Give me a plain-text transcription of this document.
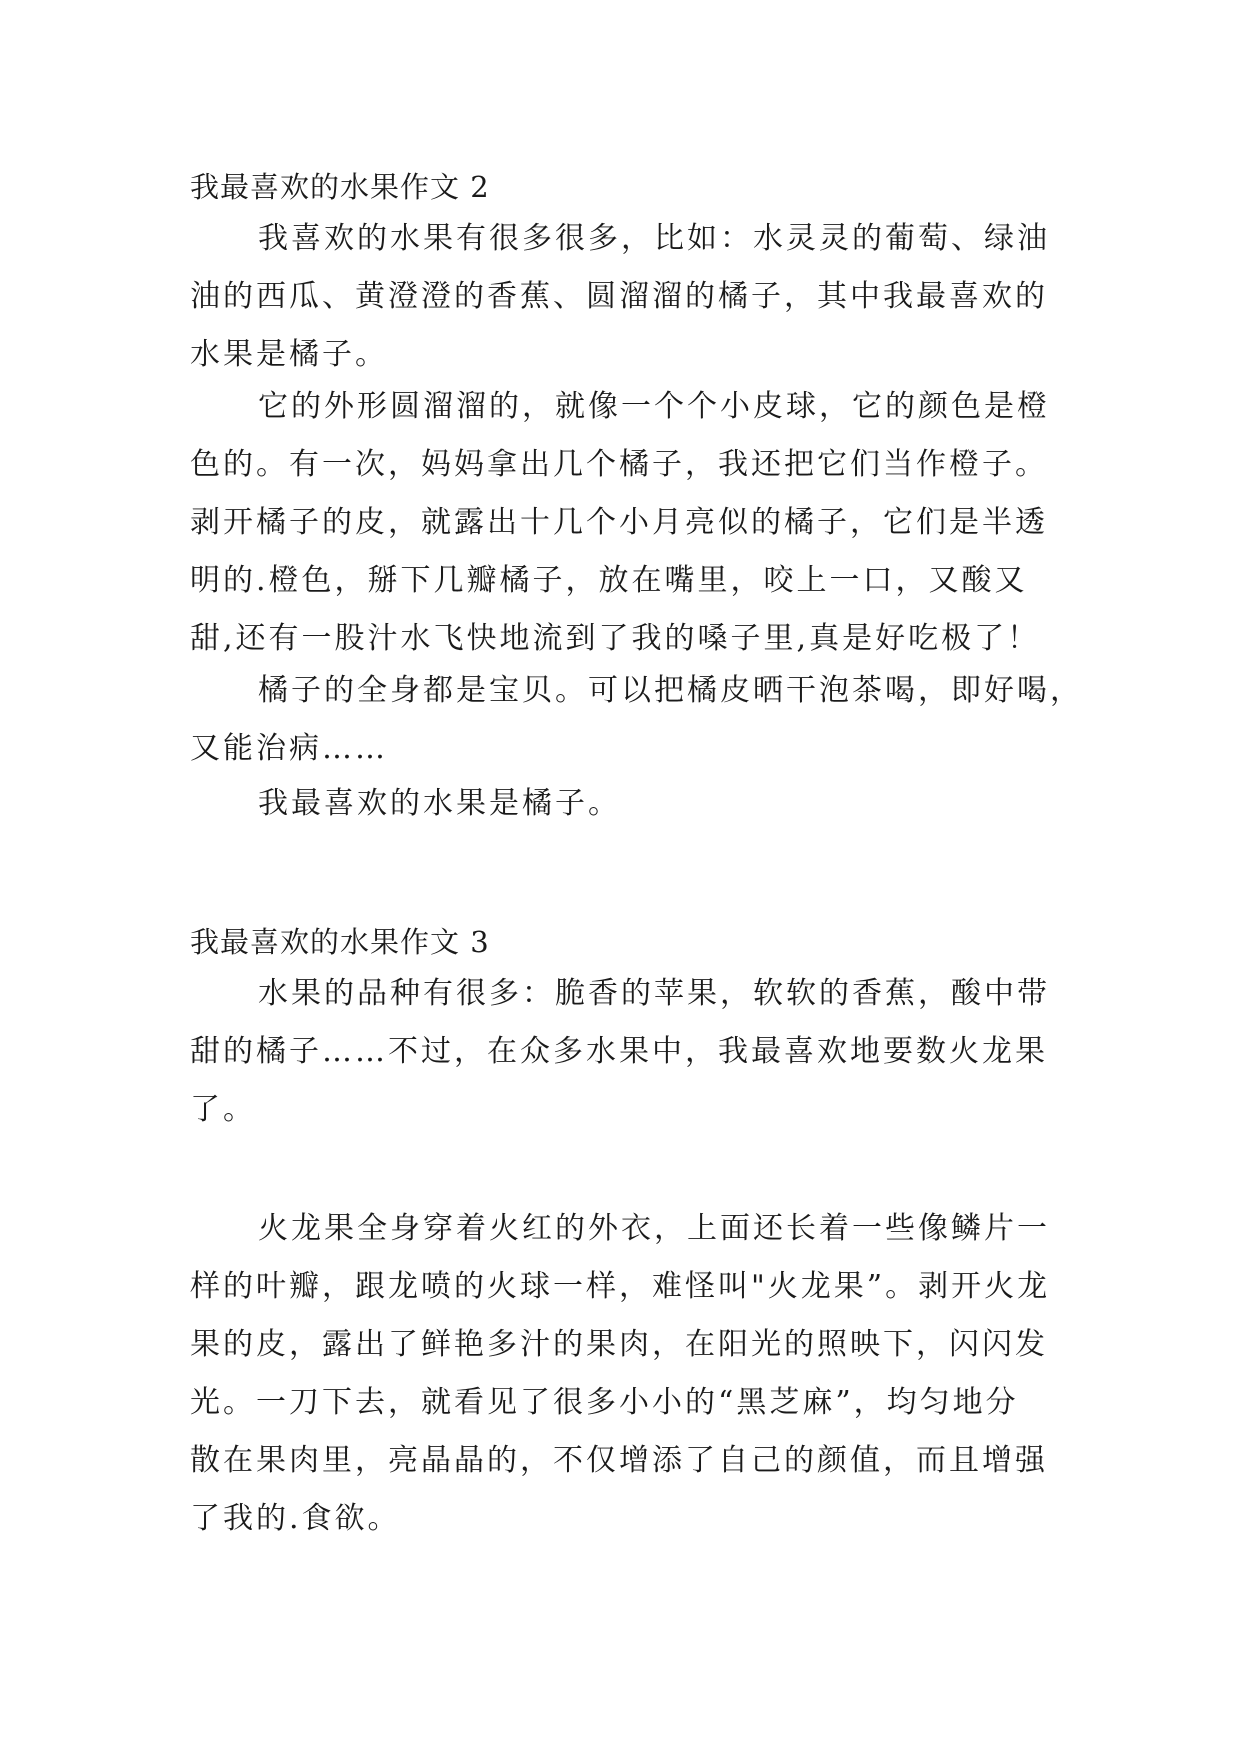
我最喜欢的水果作文 2
我喜欢的水果有很多很多，比如：水灵灵的葡萄、绿油
油的西瓜、黄澄澄的香蕉、圆溜溜的橘子，其中我最喜欢的
水果是橘子。
它的外形圆溜溜的，就像一个个小皮球，它的颜色是橙
色的。有一次，妈妈拿出几个橘子，我还把它们当作橙子。
剥开橘子的皮，就露出十几个小月亮似的橘子，它们是半透
明的.橙色，掰下几瓣橘子，放在嘴里，咬上一口，又酸又
甜,还有一股汁水飞快地流到了我的嗓子里,真是好吃极了！
橘子的全身都是宝贝。可以把橘皮晒干泡茶喝，即好喝，
又能治病……
我最喜欢的水果是橘子。
我最喜欢的水果作文 3
水果的品种有很多：脆香的苹果，软软的香蕉，酸中带
甜的橘子……不过，在众多水果中，我最喜欢地要数火龙果
了。
火龙果全身穿着火红的外衣，上面还长着一些像鳞片一
样的叶瓣，跟龙喷的火球一样，难怪叫"火龙果”。剥开火龙
果的皮，露出了鲜艳多汁的果肉，在阳光的照映下，闪闪发
光。一刀下去，就看见了很多小小的“黑芝麻”，均匀地分
散在果肉里，亮晶晶的，不仅增添了自己的颜值，而且增强
了我的.食欲。
